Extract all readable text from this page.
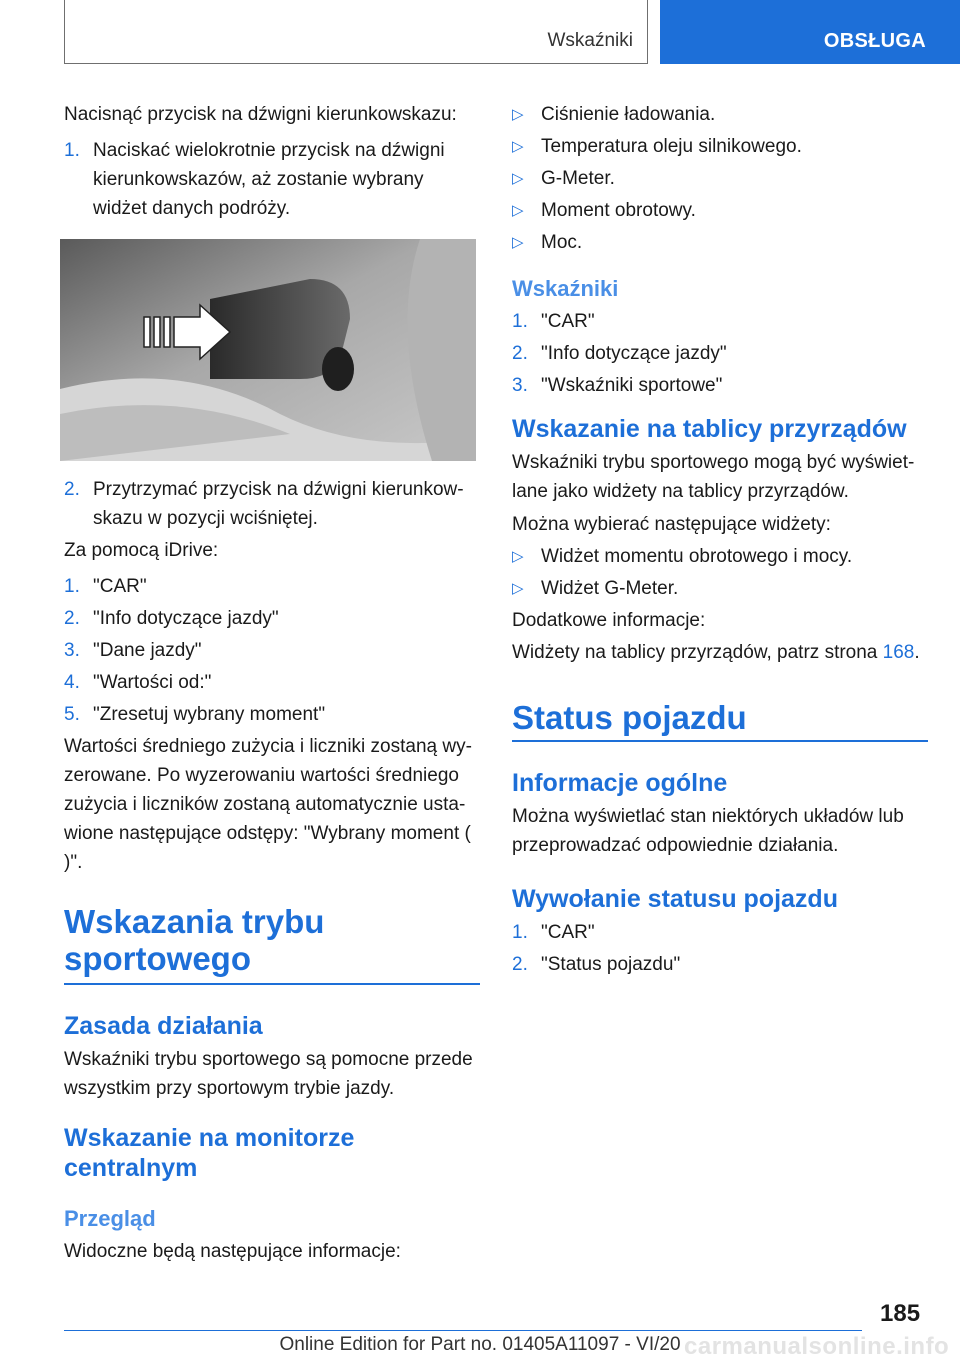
Wskaźniki	OBSŁUGA

Nacisnąć przycisk na dźwigni kierunkowskazu:

1. Naciskać wielokrotnie przycisk na dźwigni kierunkowskazów, aż zostanie wybrany widżet danych podróży.
2. Przytrzymać przycisk na dźwigni kierunkowskazu w pozycji wciśniętej.

Za pomocą iDrive:

1. "CAR"
2. "Info dotyczące jazdy"
3. "Dane jazdy"
4. "Wartości od:"
5. "Zresetuj wybrany moment"

Wartości średniego zużycia i liczniki zostaną wyzerowane. Po wyzerowaniu wartości średniego zużycia i liczników zostaną automatycznie ustawione następujące odstępy: "Wybrany moment ( )".

Wskazania trybu sportowego
Zasada działania

Wskaźniki trybu sportowego są pomocne przede wszystkim przy sportowym trybie jazdy.

Wskazanie na monitorze centralnym
Przegląd

Widoczne będą następujące informacje:

▷ Ciśnienie ładowania.
▷ Temperatura oleju silnikowego.
▷ G-Meter.
▷ Moment obrotowy.
▷ Moc.
Wskaźniki
1. "CAR"
2. "Info dotyczące jazdy"
3. "Wskaźniki sportowe"
Wskazanie na tablicy przyrządów

Wskaźniki trybu sportowego mogą być wyświetlane jako widżety na tablicy przyrządów.

Można wybierać następujące widżety:

▷ Widżet momentu obrotowego i mocy.
▷ Widżet G-Meter.

Dodatkowe informacje:

Widżety na tablicy przyrządów, patrz strona 168.

Status pojazdu
Informacje ogólne

Można wyświetlać stan niektórych układów lub przeprowadzać odpowiednie działania.

Wywołanie statusu pojazdu
1. "CAR"
2. "Status pojazdu"
185
Online Edition for Part no. 01405A11097 - VI/20 carmanualsonline.info
